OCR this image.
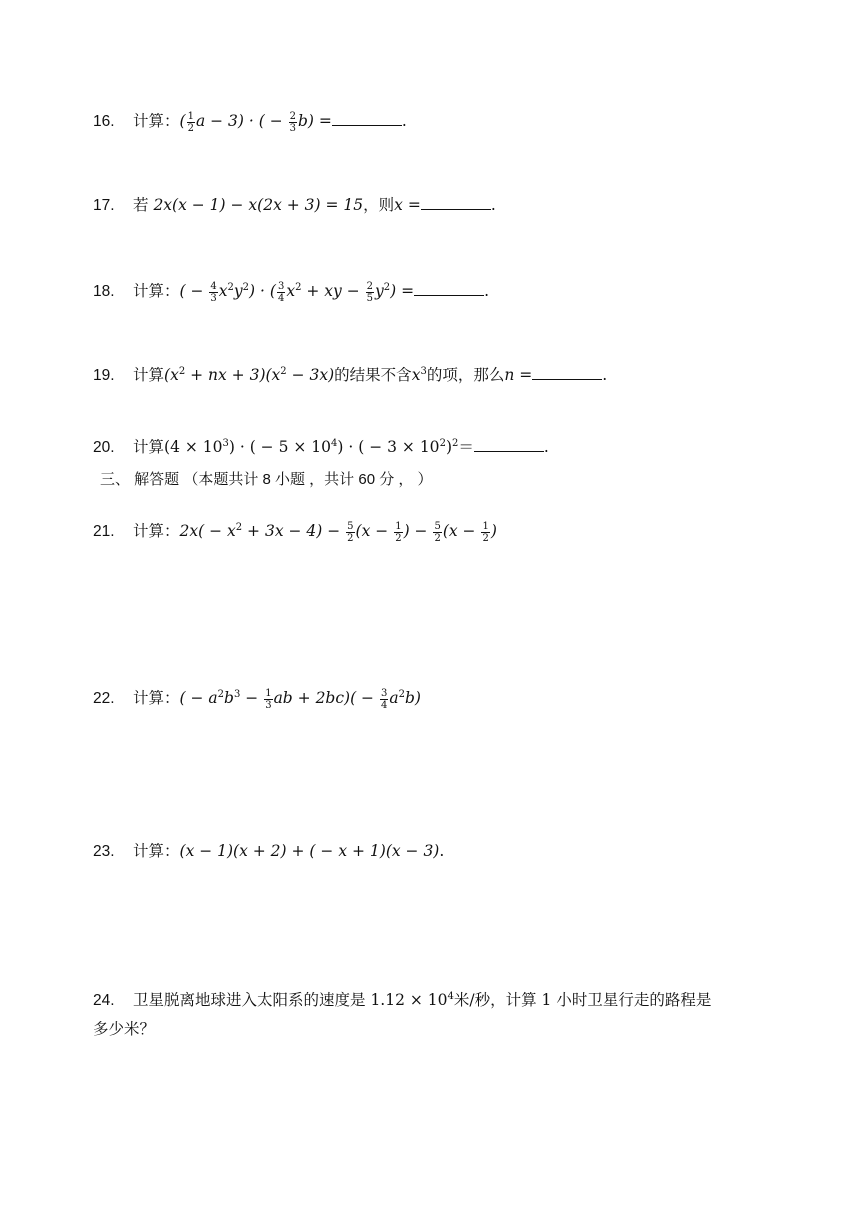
16. 计算：( $\frac{1}{2}$ a − 3) · ( − $\frac{2}{3} b$) =	.
17. 若 2x(x − 1) − x(2x + 3) = 15，则x =	.
18. 计算：( − $\frac{4}{3} x^2y^2$) · ( $\frac{3}{4} x^2$ + xy − $\frac{2}{5} y^2$) =	.
19. 计算($x^2$ + nx + $3)(x^2 - 3x)$的结果不含$x^3$的项，那么n =	.
20. 计算$(4 \times 10^3)$ · ( − $5 \times 10^4$) · ( − $3 \times 10^2)^2=$	.
三、 解答题 （本题共计 8 小题 ，共计 60 分 ， ）
21. 计算：$2x( - x^2 + 3x - 4) - \frac{5}{2} (x - \frac{1}{2}$ ) − $\frac{5}{2} (x - \frac{1}{2}$ )
22. 计算：( − $a^2b^3 - \frac{1}{3}$ ab + $2bc)( - \frac{3}{4} a^2b)$
23. 计算：(x − 1)(x + 2) + ( − x + 1)(x − 3).
24. 卫星脱离地球进入太阳系的速度是 $1.12 \times 10^4$米/秒，计算 1 小时卫星行走的路程是
多少米？
